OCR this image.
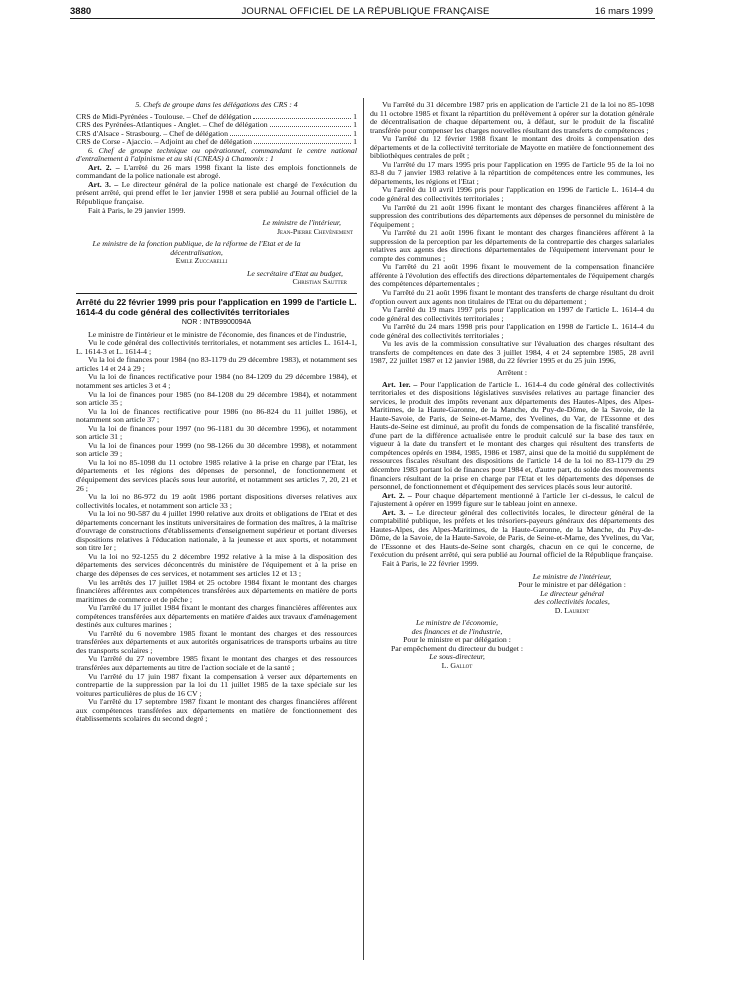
3880	JOURNAL OFFICIEL DE LA RÉPUBLIQUE FRANÇAISE	16 mars 1999

5. Chefs de groupe dans les délégations des CRS : 4

CRS de Midi-Pyrénées - Toulouse. – Chef de délégation	1
CRS des Pyrénées-Atlantiques - Anglet. – Chef de délégation	1
CRS d'Alsace - Strasbourg. – Chef de délégation	1
CRS de Corse - Ajaccio. – Adjoint au chef de délégation	1

6. Chef de groupe technique ou opérationnel, commandant le centre national d'entraînement à l'alpinisme et au ski (CNEAS) à Chamonix : 1

Art. 2. – L'arrêté du 26 mars 1998 fixant la liste des emplois fonctionnels de commandant de la police nationale est abrogé.

Art. 3. – Le directeur général de la police nationale est chargé de l'exécution du présent arrêté, qui prend effet le 1er janvier 1998 et sera publié au Journal officiel de la République française.

Fait à Paris, le 29 janvier 1999.

Le ministre de l'intérieur,

Jean-Pierre Chevènement

Le ministre de la fonction publique, de la réforme de l'Etat et de la décentralisation,

Emile Zuccarelli

Le secrétaire d'Etat au budget,

Christian Sautter

Arrêté du 22 février 1999 pris pour l'application en 1999 de l'article L. 1614-4 du code général des collectivités territoriales

NOR : INTB9900094A

Le ministre de l'intérieur et le ministre de l'économie, des finances et de l'industrie,

Vu le code général des collectivités territoriales, et notamment ses articles L. 1614-1, L. 1614-3 et L. 1614-4 ;

Vu la loi de finances pour 1984 (no 83-1179 du 29 décembre 1983), et notamment ses articles 14 et 24 à 29 ;

Vu la loi de finances rectificative pour 1984 (no 84-1209 du 29 décembre 1984), et notamment ses articles 3 et 4 ;

Vu la loi de finances pour 1985 (no 84-1208 du 29 décembre 1984), et notamment son article 35 ;

Vu la loi de finances rectificative pour 1986 (no 86-824 du 11 juillet 1986), et notamment son article 37 ;

Vu la loi de finances pour 1997 (no 96-1181 du 30 décembre 1996), et notamment son article 31 ;

Vu la loi de finances pour 1999 (no 98-1266 du 30 décembre 1998), et notamment son article 39 ;

Vu la loi no 85-1098 du 11 octobre 1985 relative à la prise en charge par l'Etat, les départements et les régions des dépenses de personnel, de fonctionnement et d'équipement des services placés sous leur autorité, et notamment ses articles 7, 20, 21 et 26 ;

Vu la loi no 86-972 du 19 août 1986 portant dispositions diverses relatives aux collectivités locales, et notamment son article 33 ;

Vu la loi no 90-587 du 4 juillet 1990 relative aux droits et obligations de l'Etat et des départements concernant les instituts universitaires de formation des maîtres, à la maîtrise d'ouvrage de constructions d'établissements d'enseignement supérieur et portant diverses dispositions relatives à l'éducation nationale, à la jeunesse et aux sports, et notamment son titre Ier ;

Vu la loi no 92-1255 du 2 décembre 1992 relative à la mise à la disposition des départements des services déconcentrés du ministère de l'équipement et à la prise en charge des dépenses de ces services, et notamment ses articles 12 et 13 ;

Vu les arrêtés des 17 juillet 1984 et 25 octobre 1984 fixant le montant des charges financières afférentes aux compétences transférées aux départements en matière de ports maritimes de commerce et de pêche ;

Vu l'arrêté du 17 juillet 1984 fixant le montant des charges financières afférentes aux compétences transférées aux départements en matière d'aides aux travaux d'aménagement destinés aux cultures marines ;

Vu l'arrêté du 6 novembre 1985 fixant le montant des charges et des ressources transférées aux départements et aux autorités organisatrices de transports urbains au titre des transports scolaires ;

Vu l'arrêté du 27 novembre 1985 fixant le montant des charges et des ressources transférées aux départements au titre de l'action sociale et de la santé ;

Vu l'arrêté du 17 juin 1987 fixant la compensation à verser aux départements en contrepartie de la suppression par la loi du 11 juillet 1985 de la taxe spéciale sur les voitures particulières de plus de 16 CV ;

Vu l'arrêté du 17 septembre 1987 fixant le montant des charges financières afférent aux compétences transférées aux départements en matière de fonctionnement des établissements scolaires du second degré ;

Vu l'arrêté du 31 décembre 1987 pris en application de l'article 21 de la loi no 85-1098 du 11 octobre 1985 et fixant la répartition du prélèvement à opérer sur la dotation générale de décentralisation de chaque département ou, à défaut, sur le produit de la fiscalité transférée pour compenser les charges nouvelles résultant des transferts de compétences ;

Vu l'arrêté du 12 février 1988 fixant le montant des droits à compensation des départements et de la collectivité territoriale de Mayotte en matière de fonctionnement des bibliothèques centrales de prêt ;

Vu l'arrêté du 17 mars 1995 pris pour l'application en 1995 de l'article 95 de la loi no 83-8 du 7 janvier 1983 relative à la répartition de compétences entre les communes, les départements, les régions et l'Etat ;

Vu l'arrêté du 10 avril 1996 pris pour l'application en 1996 de l'article L. 1614-4 du code général des collectivités territoriales ;

Vu l'arrêté du 21 août 1996 fixant le montant des charges financières afférent à la suppression des contributions des départements aux dépenses de personnel du ministère de l'équipement ;

Vu l'arrêté du 21 août 1996 fixant le montant des charges financières afférent à la suppression de la perception par les départements de la contrepartie des charges salariales relatives aux agents des directions départementales de l'équipement intervenant pour le compte des communes ;

Vu l'arrêté du 21 août 1996 fixant le mouvement de la compensation financière afférente à l'évolution des effectifs des directions départementales de l'équipement chargés des compétences départementales ;

Vu l'arrêté du 21 août 1996 fixant le montant des transferts de charge résultant du droit d'option ouvert aux agents non titulaires de l'Etat ou du département ;

Vu l'arrêté du 19 mars 1997 pris pour l'application en 1997 de l'article L. 1614-4 du code général des collectivités territoriales ;

Vu l'arrêté du 24 mars 1998 pris pour l'application en 1998 de l'article L. 1614-4 du code général des collectivités territoriales ;

Vu les avis de la commission consultative sur l'évaluation des charges résultant des transferts de compétences en date des 3 juillet 1984, 4 et 24 septembre 1985, 28 avril 1987, 22 juillet 1987 et 12 janvier 1988, du 22 février 1995 et du 25 juin 1996,

Arrêtent :

Art. 1er. – Pour l'application de l'article L. 1614-4 du code général des collectivités territoriales et des dispositions législatives susvisées relatives au partage financier des services, le produit des impôts revenant aux départements des Hautes-Alpes, des Alpes-Maritimes, de la Haute-Garonne, de la Manche, du Puy-de-Dôme, de la Savoie, de la Haute-Savoie, de Paris, de Seine-et-Marne, des Yvelines, du Var, de l'Essonne et des Hauts-de-Seine est diminué, au profit du fonds de compensation de la fiscalité transférée, d'une part de la différence actualisée entre le produit calculé sur la base des taux en vigueur à la date du transfert et le montant des charges qui résultent des transferts de compétences opérés en 1984, 1985, 1986 et 1987, ainsi que de la moitié du supplément de ressources fiscales résultant des dispositions de l'article 14 de la loi no 83-1179 du 29 décembre 1983 portant loi de finances pour 1984 et, d'autre part, du solde des mouvements financiers résultant de la prise en charge par l'Etat et les départements des dépenses de personnel, de fonctionnement et d'équipement des services placés sous leur autorité.

Art. 2. – Pour chaque département mentionné à l'article 1er ci-dessus, le calcul de l'ajustement à opérer en 1999 figure sur le tableau joint en annexe.

Art. 3. – Le directeur général des collectivités locales, le directeur général de la comptabilité publique, les préfets et les trésoriers-payeurs généraux des départements des Hautes-Alpes, des Alpes-Maritimes, de la Haute-Garonne, de la Manche, du Puy-de-Dôme, de la Savoie, de la Haute-Savoie, de Paris, de Seine-et-Marne, des Yvelines, du Var, de l'Essonne et des Hauts-de-Seine sont chargés, chacun en ce qui le concerne, de l'exécution du présent arrêté, qui sera publié au Journal officiel de la République française.

Fait à Paris, le 22 février 1999.

Le ministre de l'intérieur,

Pour le ministre et par délégation :

Le directeur général

des collectivités locales,

D. Laurent

Le ministre de l'économie,

des finances et de l'industrie,

Pour le ministre et par délégation :

Par empêchement du directeur du budget :

Le sous-directeur,

L. Gallot
